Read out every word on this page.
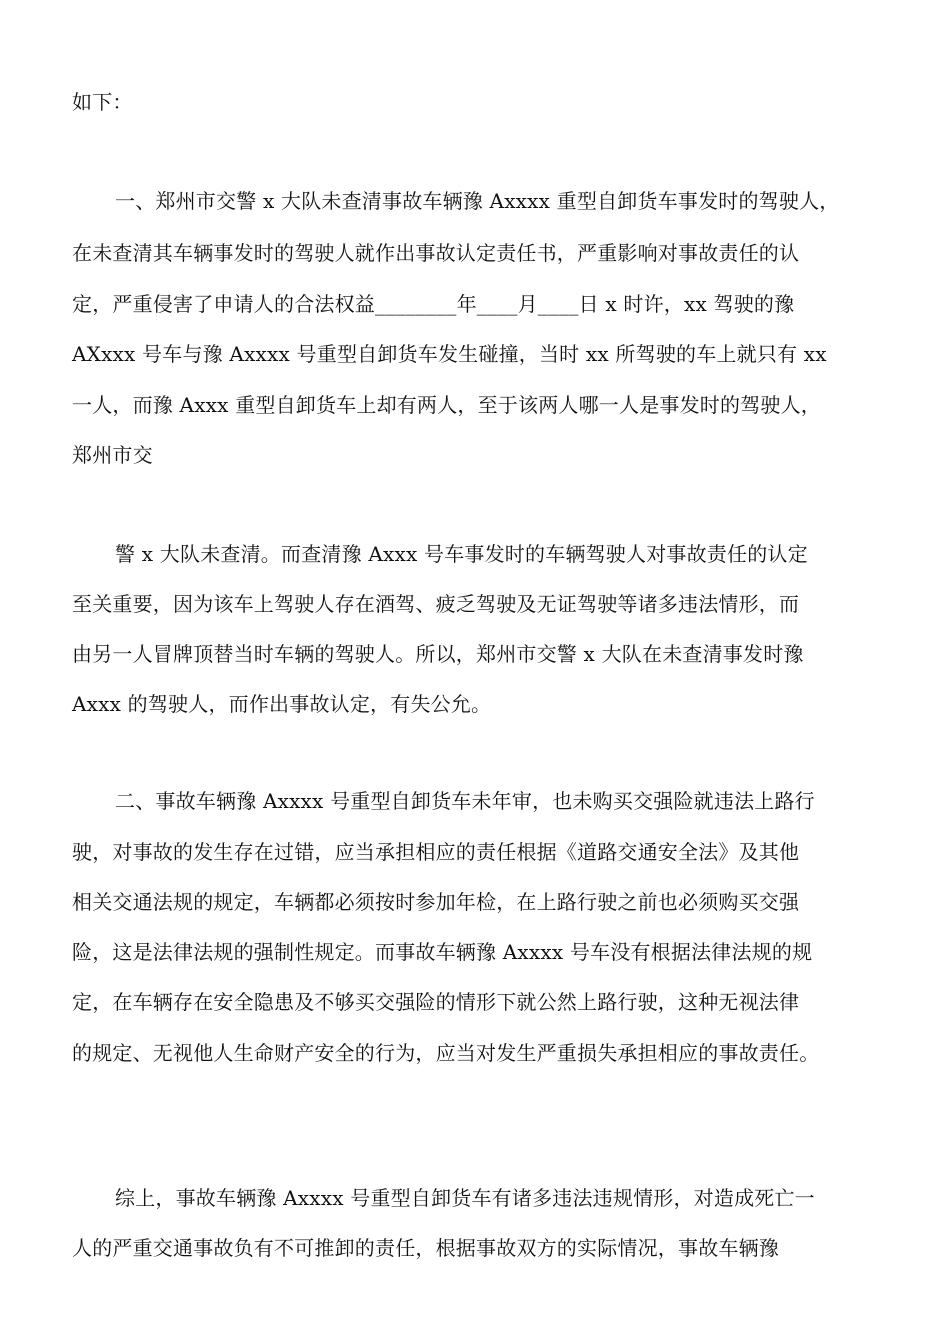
如下：
一、郑州市交警 x 大队未查清事故车辆豫 Axxxx 重型自卸货车事发时的驾驶人，
在未查清其车辆事发时的驾驶人就作出事故认定责任书，严重影响对事故责任的认
定，严重侵害了申请人的合法权益________年____月____日 x 时许，xx 驾驶的豫
AXxxx 号车与豫 Axxxx 号重型自卸货车发生碰撞，当时 xx 所驾驶的车上就只有 xx
一人，而豫 Axxx 重型自卸货车上却有两人，至于该两人哪一人是事发时的驾驶人，
郑州市交
警 x 大队未查清。而查清豫 Axxx 号车事发时的车辆驾驶人对事故责任的认定
至关重要，因为该车上驾驶人存在酒驾、疲乏驾驶及无证驾驶等诸多违法情形，而
由另一人冒牌顶替当时车辆的驾驶人。所以，郑州市交警 x 大队在未查清事发时豫
Axxx 的驾驶人，而作出事故认定，有失公允。
二、事故车辆豫 Axxxx 号重型自卸货车未年审，也未购买交强险就违法上路行
驶，对事故的发生存在过错，应当承担相应的责任根据《道路交通安全法》及其他
相关交通法规的规定，车辆都必须按时参加年检，在上路行驶之前也必须购买交强
险，这是法律法规的强制性规定。而事故车辆豫 Axxxx 号车没有根据法律法规的规
定，在车辆存在安全隐患及不够买交强险的情形下就公然上路行驶，这种无视法律
的规定、无视他人生命财产安全的行为，应当对发生严重损失承担相应的事故责任。
综上，事故车辆豫 Axxxx 号重型自卸货车有诸多违法违规情形，对造成死亡一
人的严重交通事故负有不可推卸的责任，根据事故双方的实际情况，事故车辆豫
